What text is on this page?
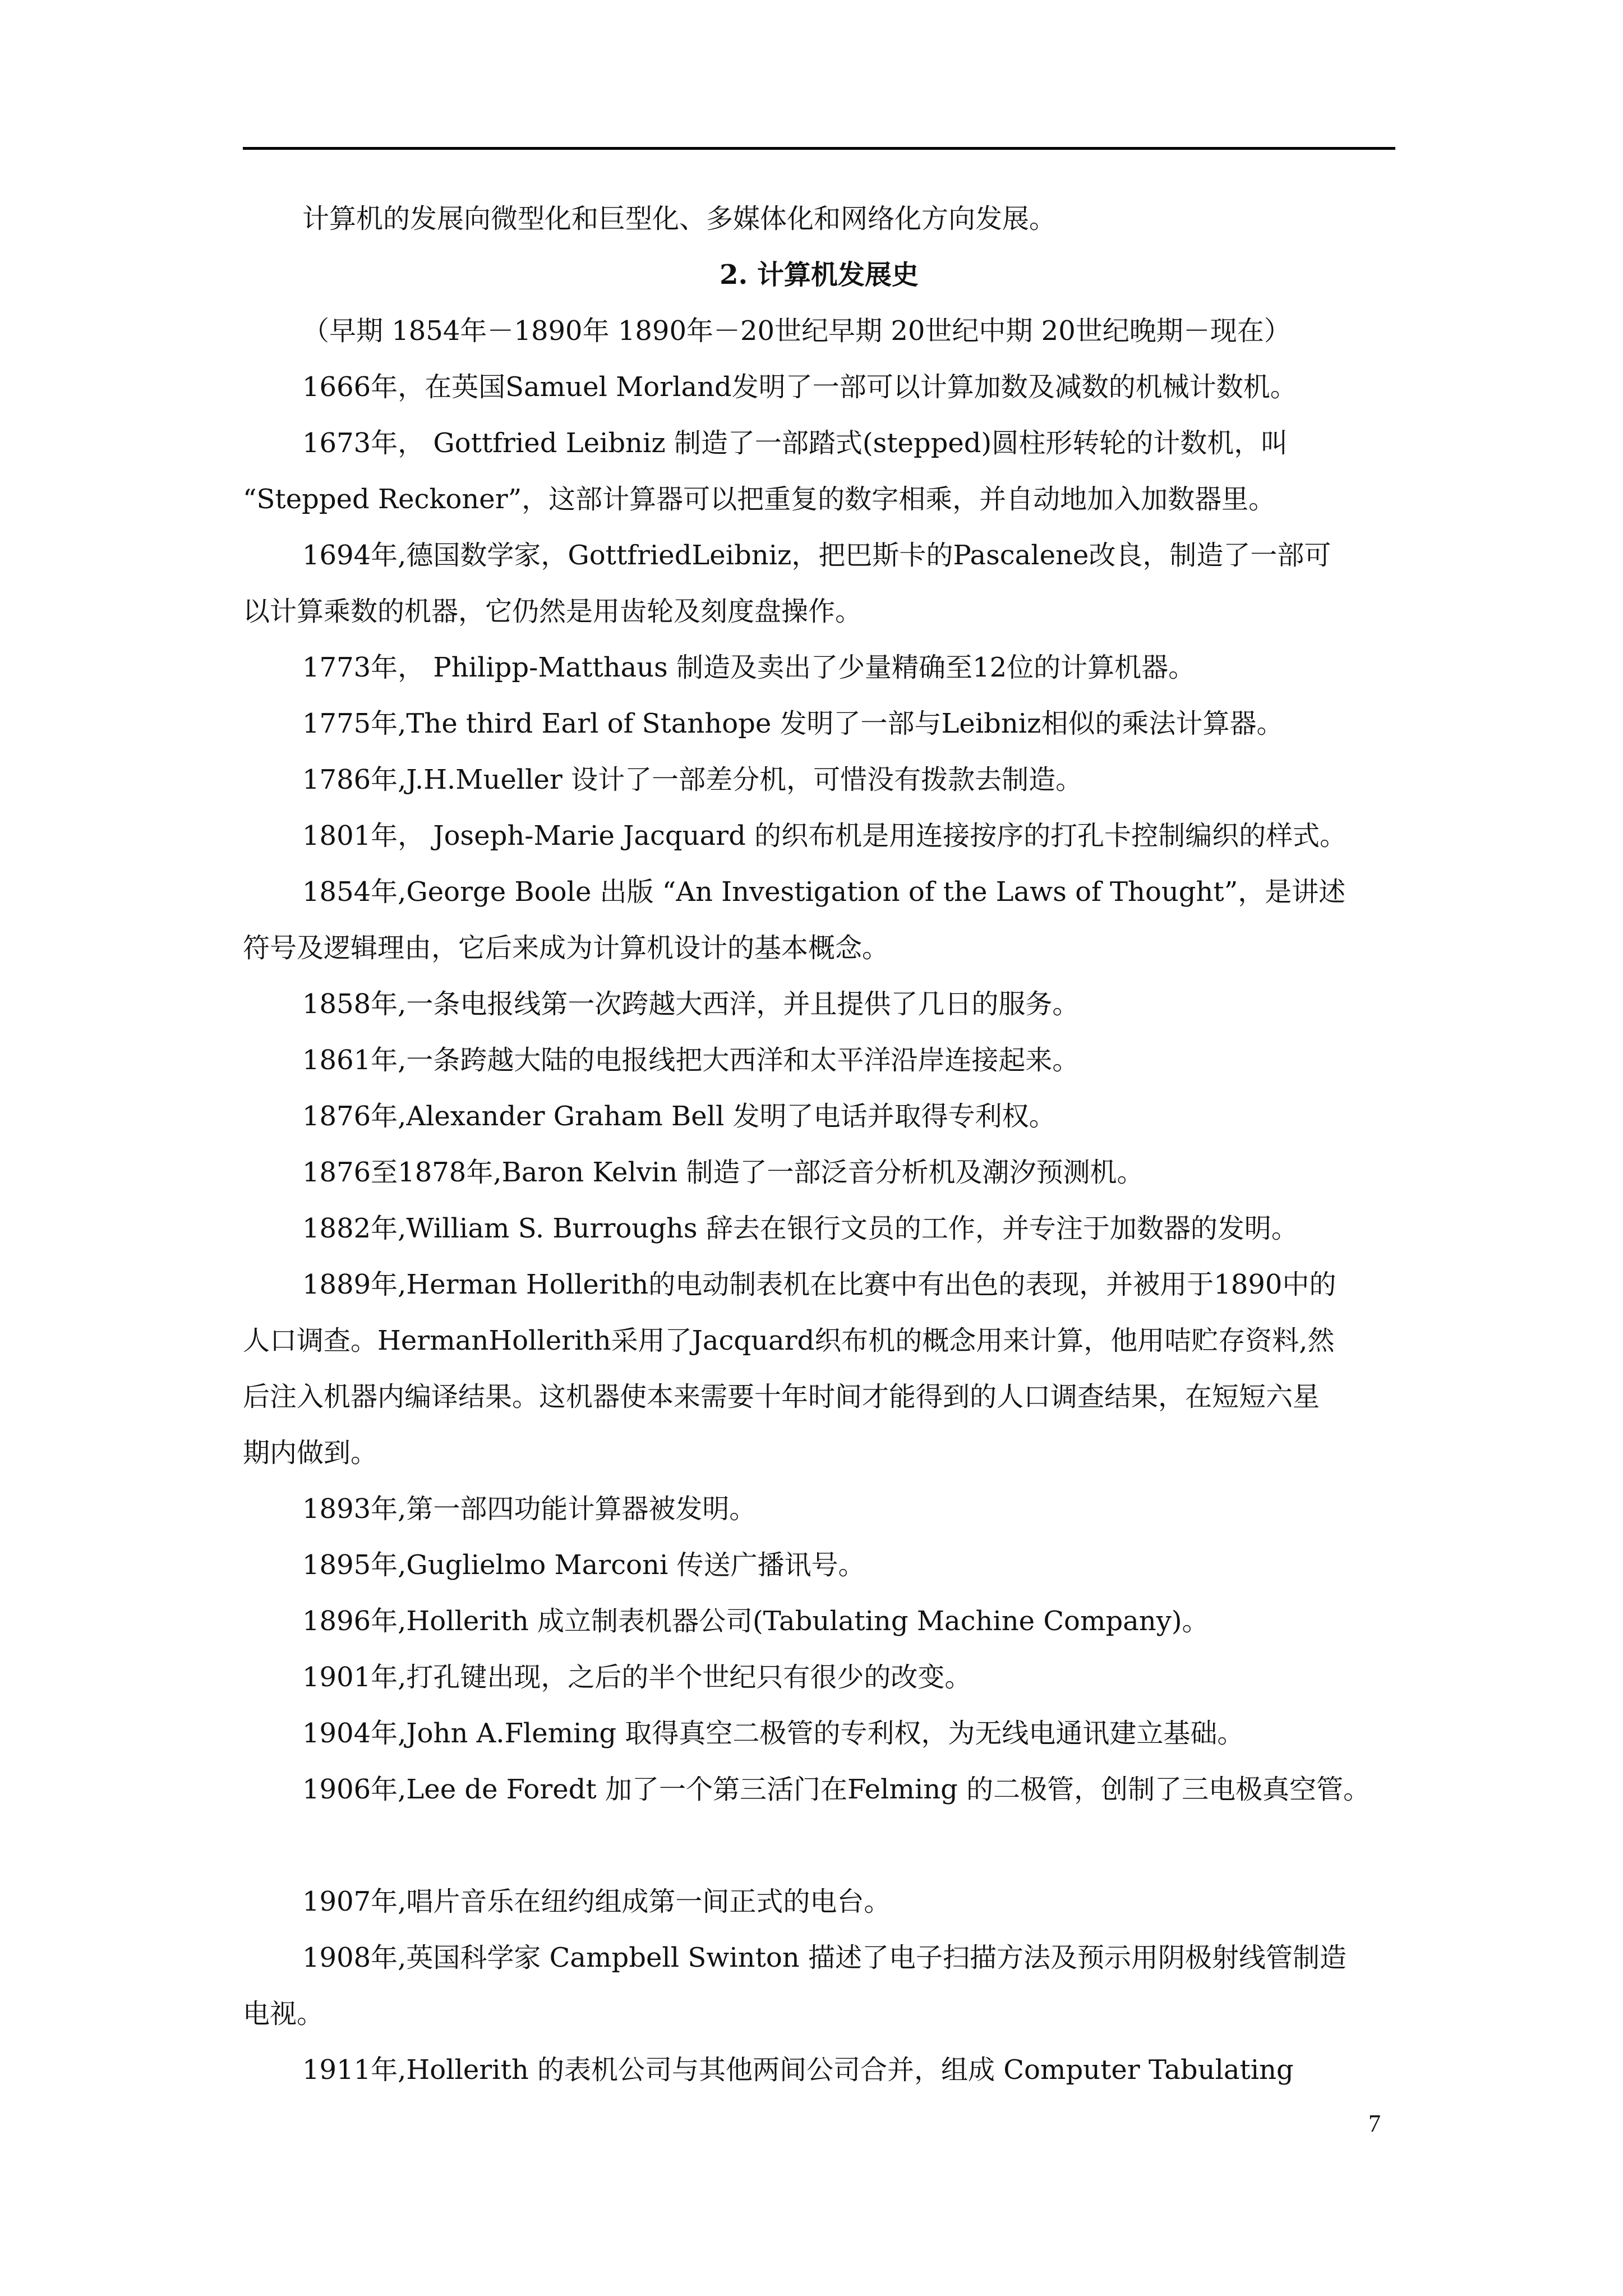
计算机的发展向微型化和巨型化、多媒体化和网络化方向发展。

2. 计算机发展史

（早期 1854年－1890年 1890年－20世纪早期 20世纪中期 20世纪晚期－现在）

1666年，在英国Samuel Morland发明了一部可以计算加数及减数的机械计数机。

1673年， Gottfried Leibniz 制造了一部踏式(stepped)圆柱形转轮的计数机，叫

“Stepped Reckoner”，这部计算器可以把重复的数字相乘，并自动地加入加数器里。

1694年,德国数学家，GottfriedLeibniz，把巴斯卡的Pascalene改良，制造了一部可

以计算乘数的机器，它仍然是用齿轮及刻度盘操作。

1773年， Philipp-Matthaus 制造及卖出了少量精确至12位的计算机器。

1775年,The third Earl of Stanhope 发明了一部与Leibniz相似的乘法计算器。

1786年,J.H.Mueller 设计了一部差分机，可惜没有拨款去制造。

1801年， Joseph-Marie Jacquard 的织布机是用连接按序的打孔卡控制编织的样式。

1854年,George Boole 出版 “An Investigation of the Laws of Thought”，是讲述

符号及逻辑理由，它后来成为计算机设计的基本概念。

1858年,一条电报线第一次跨越大西洋，并且提供了几日的服务。

1861年,一条跨越大陆的电报线把大西洋和太平洋沿岸连接起来。

1876年,Alexander Graham Bell 发明了电话并取得专利权。

1876至1878年,Baron Kelvin 制造了一部泛音分析机及潮汐预测机。

1882年,William S. Burroughs 辞去在银行文员的工作，并专注于加数器的发明。

1889年,Herman Hollerith的电动制表机在比赛中有出色的表现，并被用于1890中的

人口调查。HermanHollerith采用了Jacquard织布机的概念用来计算，他用咭贮存资料,然

后注入机器内编译结果。这机器使本来需要十年时间才能得到的人口调查结果，在短短六星

期内做到。

1893年,第一部四功能计算器被发明。

1895年,Guglielmo Marconi 传送广播讯号。

1896年,Hollerith 成立制表机器公司(Tabulating Machine Company)。

1901年,打孔键出现，之后的半个世纪只有很少的改变。

1904年,John A.Fleming 取得真空二极管的专利权，为无线电通讯建立基础。

1906年,Lee de Foredt 加了一个第三活门在Felming 的二极管，创制了三电极真空管。

1907年,唱片音乐在纽约组成第一间正式的电台。

1908年,英国科学家 Campbell Swinton 描述了电子扫描方法及预示用阴极射线管制造

电视。

1911年,Hollerith 的表机公司与其他两间公司合并，组成 Computer Tabulating

7
